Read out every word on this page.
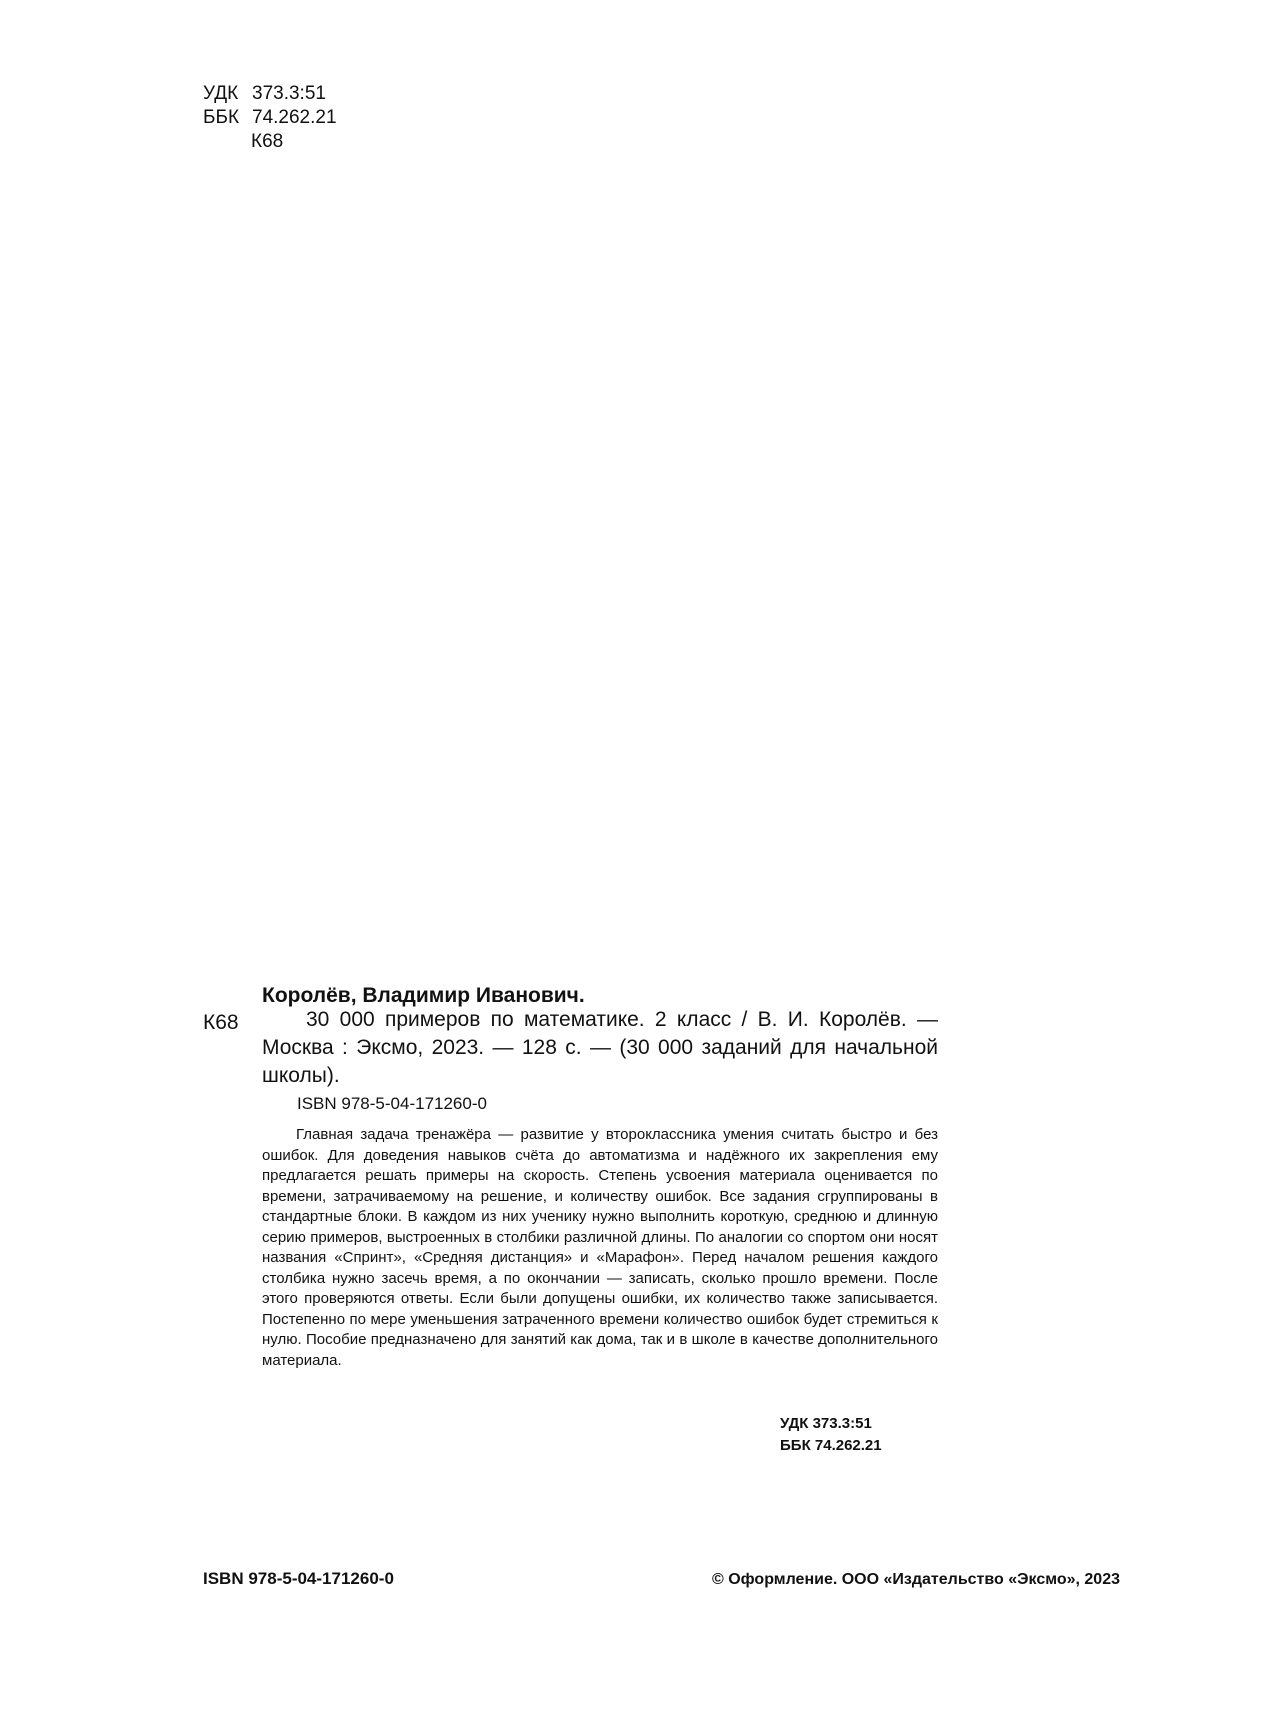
УДК 373.3:51
ББК 74.262.21
К68
Королёв, Владимир Иванович.
К68	30 000 примеров по математике. 2 класс / В. И. Королёв. — Москва : Эксмо, 2023. — 128 с. — (30 000 заданий для начальной школы).

ISBN 978-5-04-171260-0

Главная задача тренажёра — развитие у второклассника умения считать быстро и без ошибок. Для доведения навыков счёта до автоматизма и надёжного их закрепления ему предлагается решать примеры на скорость. Степень усвоения материала оценивается по времени, затрачиваемому на решение, и количеству ошибок. Все задания сгруппированы в стандартные блоки. В каждом из них ученику нужно выполнить короткую, среднюю и длинную серию примеров, выстроенных в столбики различной длины. По аналогии со спортом они носят названия «Спринт», «Средняя дистанция» и «Марафон». Перед началом решения каждого столбика нужно засечь время, а по окончании — записать, сколько прошло времени. После этого проверяются ответы. Если были допущены ошибки, их количество также записывается. Постепенно по мере уменьшения затраченного времени количество ошибок будет стремиться к нулю. Пособие предназначено для занятий как дома, так и в школе в качестве дополнительного материала.

УДК 373.3:51
ББК 74.262.21
ISBN 978-5-04-171260-0	© Оформление. ООО «Издательство «Эксмо», 2023
